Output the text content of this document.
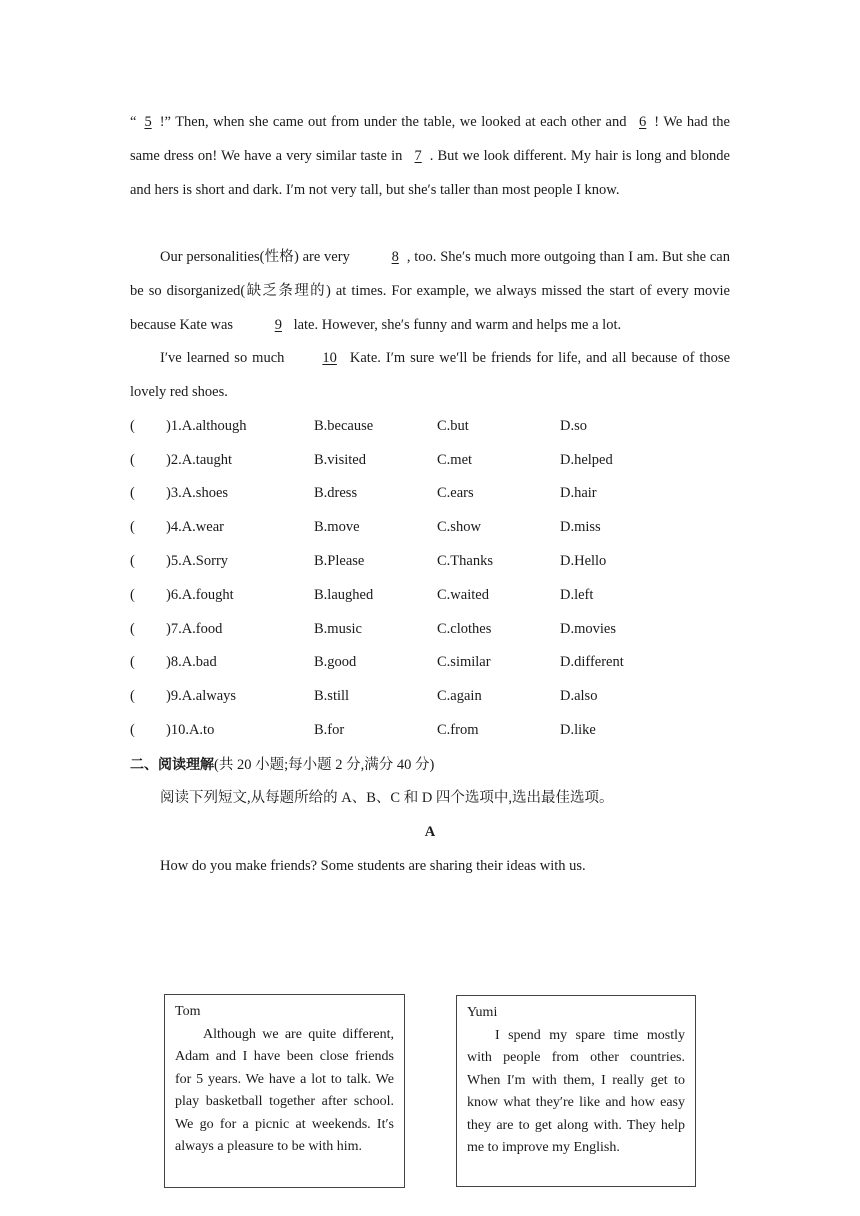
“ 5 !” Then, when she came out from under the table, we looked at each other and 6 ! We had the same dress on! We have a very similar taste in 7 . But we look different. My hair is long and blonde and hers is short and dark. I′m not very tall, but she′s taller than most people I know.

Our personalities(性格) are very	8 , too. She′s much more outgoing than I am. But she can be so disorganized(缺乏条理的) at times. For example, we always missed the start of every movie because Kate was	9 late. However, she′s funny and warm and helps me a lot.

I′ve learned so much	10 Kate. I′m sure we′ll be friends for life, and all because of those lovely red shoes.

( )1.A.although	B.because	C.but	D.so
( )2.A.taught	B.visited	C.met	D.helped
( )3.A.shoes	B.dress	C.ears	D.hair
( )4.A.wear	B.move	C.show	D.miss
( )5.A.Sorry	B.Please	C.Thanks	D.Hello
( )6.A.fought	B.laughed	C.waited	D.left
( )7.A.food	B.music	C.clothes	D.movies
( )8.A.bad	B.good	C.similar	D.different
( )9.A.always	B.still	C.again	D.also
( )10.A.to	B.for	C.from	D.like
二、阅读理解(共 20 小题;每小题 2 分,满分 40 分)
阅读下列短文,从每题所给的 A、B、C 和 D 四个选项中,选出最佳选项。
A
How do you make friends? Some students are sharing their ideas with us.

Tom

Although we are quite different, Adam and I have been close friends for 5 years. We have a lot to talk. We play basketball together after school. We go for a picnic at weekends. It′s always a pleasure to be with him.

Yumi

I spend my spare time mostly with people from other countries. When I′m with them, I really get to know what they′re like and how easy they are to get along with. They help me to improve my English.
